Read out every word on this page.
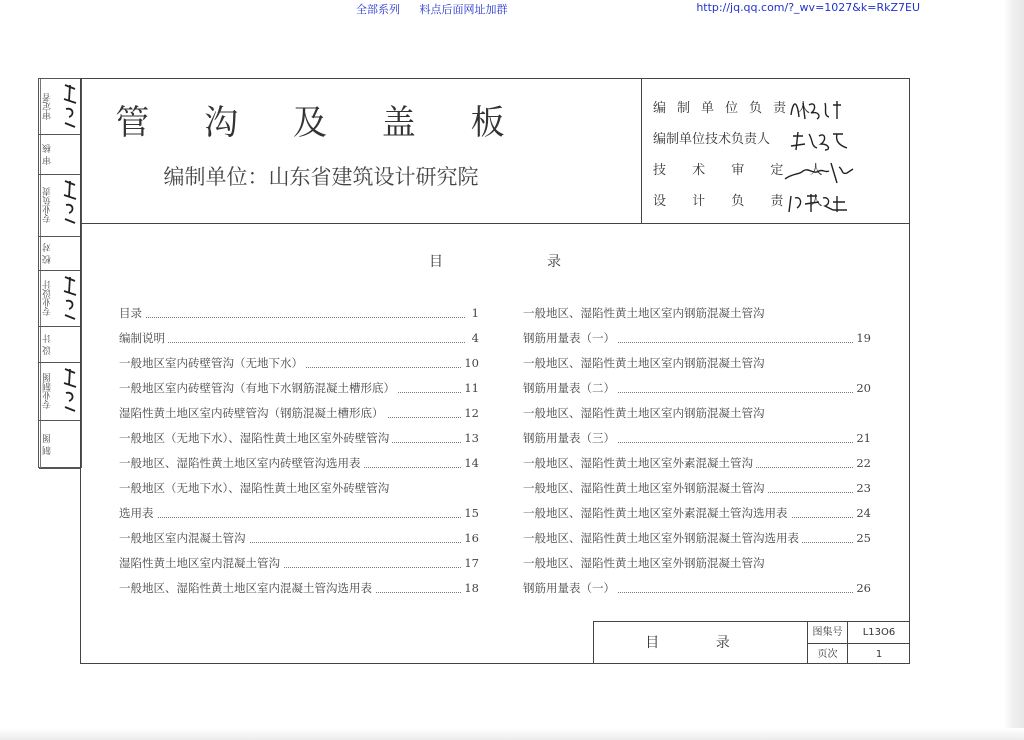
全部系列 料点后面网址加群	http://jq.qq.com/?_wv=1027&k=RkZ7EU
审定者
审 核
专业负责
校 对
专业设计
设 计
专业制图
制 图
管 沟 及 盖 板
编制单位：山东省建筑设计研究院
编制单位负责人
编制单位技术负责人
技 术 审 定 人
设 计 负 责 人
目	录
目录	1
编制说明	4
一般地区室内砖壁管沟（无地下水）	10
一般地区室内砖壁管沟（有地下水钢筋混凝土槽形底）	11
湿陷性黄土地区室内砖壁管沟（钢筋混凝土槽形底）	12
一般地区（无地下水）、湿陷性黄土地区室外砖壁管沟	13
一般地区、湿陷性黄土地区室内砖壁管沟选用表	14
一般地区（无地下水）、湿陷性黄土地区室外砖壁管沟
选用表	15
一般地区室内混凝土管沟	16
湿陷性黄土地区室内混凝土管沟	17
一般地区、湿陷性黄土地区室内混凝土管沟选用表	18
一般地区、湿陷性黄土地区室内钢筋混凝土管沟
钢筋用量表（一）	19
一般地区、湿陷性黄土地区室内钢筋混凝土管沟
钢筋用量表（二）	20
一般地区、湿陷性黄土地区室内钢筋混凝土管沟
钢筋用量表（三）	21
一般地区、湿陷性黄土地区室外素混凝土管沟	22
一般地区、湿陷性黄土地区室外钢筋混凝土管沟	23
一般地区、湿陷性黄土地区室外素混凝土管沟选用表	24
一般地区、湿陷性黄土地区室外钢筋混凝土管沟选用表	25
一般地区、湿陷性黄土地区室外钢筋混凝土管沟
钢筋用量表（一）	26
目 录
图集号	L13O6
页次	1
